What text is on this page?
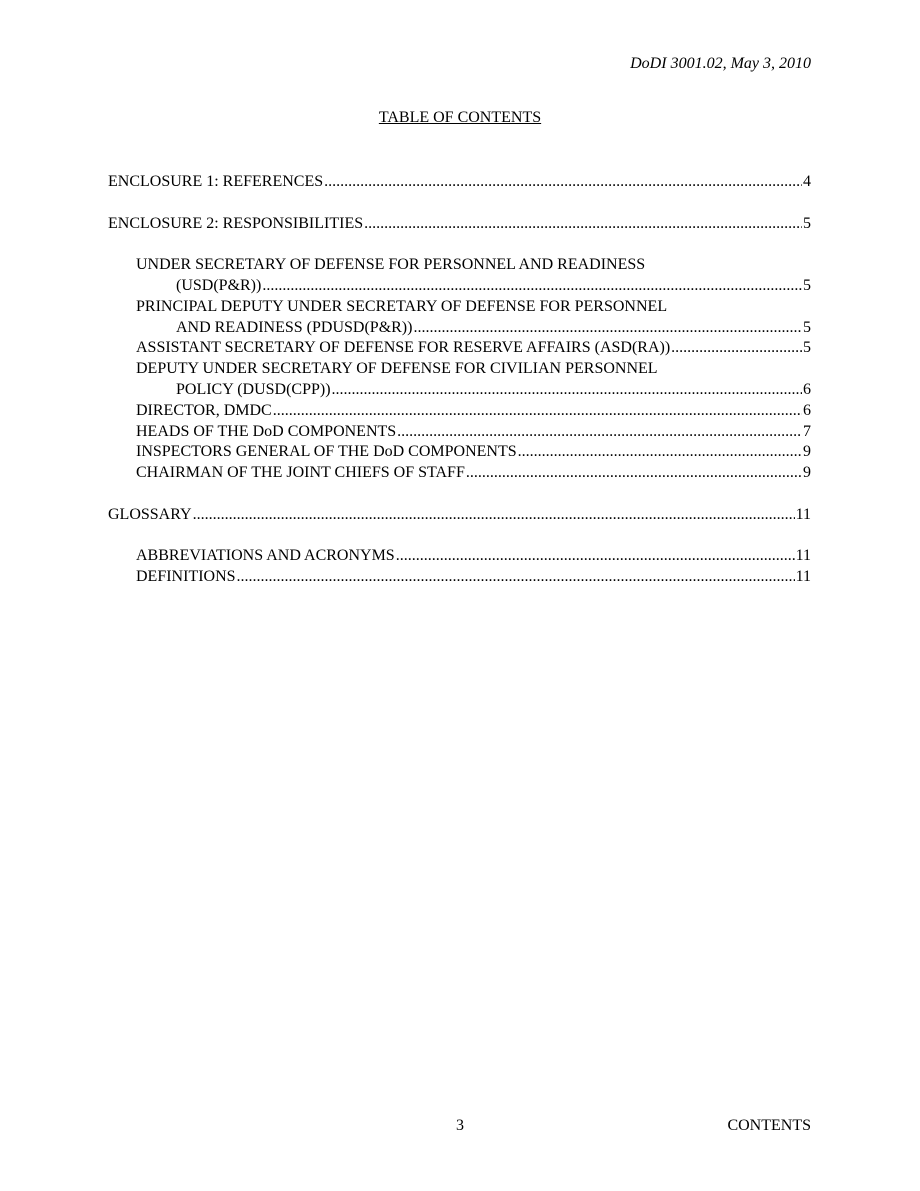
DoDI 3001.02, May 3, 2010
TABLE OF CONTENTS
ENCLOSURE 1: REFERENCES .....	4
ENCLOSURE 2: RESPONSIBILITIES .....	5
UNDER SECRETARY OF DEFENSE FOR PERSONNEL AND READINESS
(USD(P&R)) .....	5
PRINCIPAL DEPUTY UNDER SECRETARY OF DEFENSE FOR PERSONNEL
AND READINESS (PDUSD(P&R)) .....	5
ASSISTANT SECRETARY OF DEFENSE FOR RESERVE AFFAIRS (ASD(RA)) .....	5
DEPUTY UNDER SECRETARY OF DEFENSE FOR CIVILIAN PERSONNEL
POLICY (DUSD(CPP)) .....	6
DIRECTOR, DMDC .....	6
HEADS OF THE DoD COMPONENTS .....	7
INSPECTORS GENERAL OF THE DoD COMPONENTS .....	9
CHAIRMAN OF THE JOINT CHIEFS OF STAFF .....	9
GLOSSARY .....	11
ABBREVIATIONS AND ACRONYMS .....	11
DEFINITIONS .....	11
3	CONTENTS
